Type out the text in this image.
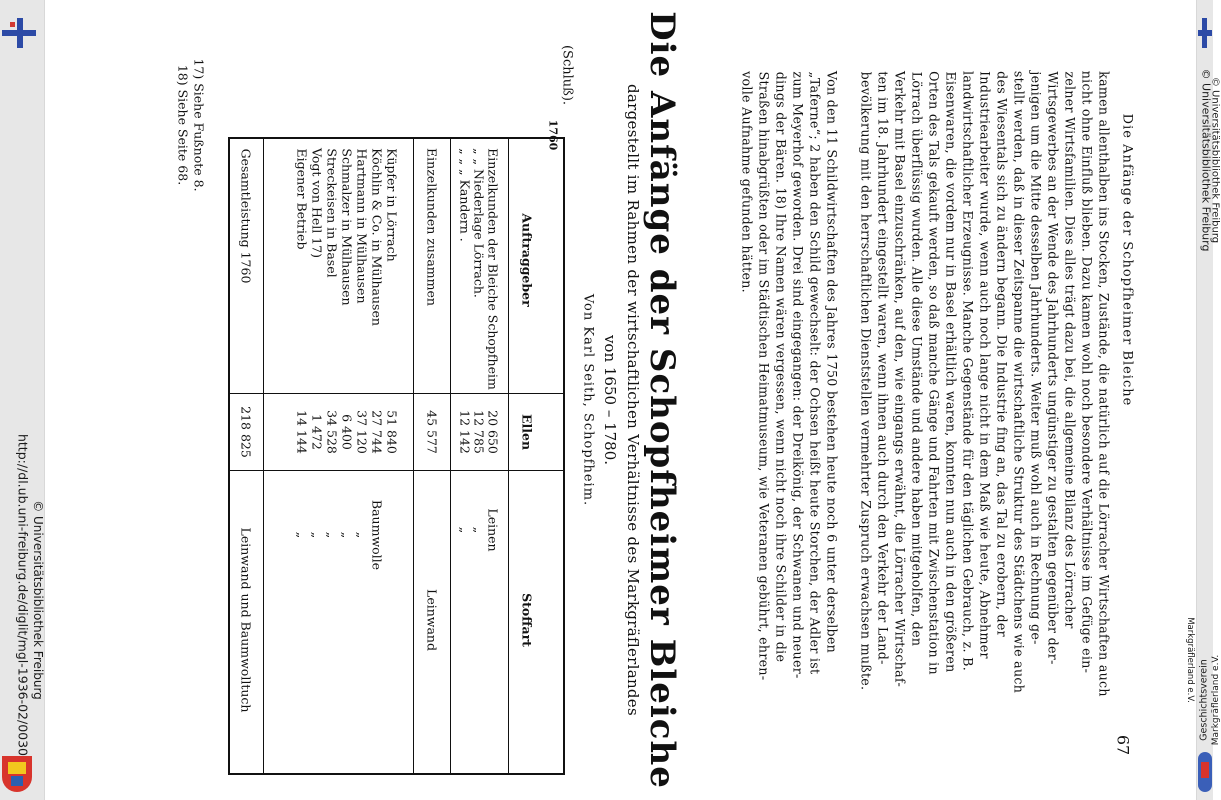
http://dl.ub.uni-freiburg.de/diglit/mgl-1936-02/0030 © Universitätsbibliothek Freiburg
Geschichtsverein Markgräflerland e.V.
© Universitätsbibliothek Freiburg
© Universitätsbibliothek Freiburg
Markgräflerland e.V.
Die Anfänge der Schopfheimer Bleiche
67
kamen allenthalben ins Stocken, Zustände, die natürlich auf die Lörracher Wirtschaften auch
nicht ohne Einfluß blieben. Dazu kamen wohl noch besondere Verhältnisse im Gefüge ein-
zelner Wirtsfamilien. Dies alles trägt dazu bei, die allgemeine Bilanz des Lörracher
Wirtsgewerbes an der Wende des Jahrhunderts ungünstiger zu gestalten gegenüber der-
jenigen um die Mitte desselben Jahrhunderts. Weiter muß wohl auch in Rechnung ge-
stellt werden, daß in dieser Zeitspanne die wirtschaftliche Struktur des Städtchens wie auch
des Wiesentals sich zu ändern begann. Die Industrie fing an, das Tal zu erobern, der
Industriearbeiter wurde, wenn auch noch lange nicht in dem Maß wie heute, Abnehmer
landwirtschaftlicher Erzeugnisse. Manche Gegenstände für den täglichen Gebrauch, z. B.
Eisenwaren, die vordem nur in Basel erhältlich waren, konnten nun auch in den größeren
Orten des Tals gekauft werden, so daß manche Gänge und Fahrten mit Zwischenstation in
Lörrach überflüssig wurden. Alle diese Umstände und andere haben mitgeholfen, den
Verkehr mit Basel einzuschränken, auf den, wie eingangs erwähnt, die Lörracher Wirtschaf-
ten im 18. Jahrhundert eingestellt waren, wenn ihnen auch durch den Verkehr der Land-
bevölkerung mit den herrschaftlichen Dienststellen vermehrter Zuspruch erwachsen mußte.
Von den 11 Schildwirtschaften des Jahres 1750 bestehen heute noch 6 unter derselben
„Taferne“; 2 haben den Schild gewechselt: der Ochsen heißt heute Storchen, der Adler ist
zum Meyerhof geworden. Drei sind eingegangen: der Dreikönig, der Schwanen und neuer-
dings der Bären. 18) Ihre Namen wären vergessen, wenn nicht noch ihre Schilder in die
Straßen hinabgrüßten oder im Städtischen Heimatmuseum, wie Veteranen gebührt, ehren-
volle Aufnahme gefunden hätten.
Die Anfänge der Schopfheimer Bleiche
dargestellt im Rahmen der wirtschaftlichen Verhältnisse des Markgräflerlandes
von 1650 – 1780.
Von Karl Seith, Schopfheim.
(Schluß).
1760
Auftraggeber
Ellen
Stoffart
Einzelkunden der Bleiche Schopfheim
20 650
Leinen
„ „ Niederlage Lörrach.
12 785
„
„ „ „ Kandern .
12 142
„
Einzelkunden zusammen
45 577
Leinwand
Küpfer in Lörrach
51 840
Köchlin & Co. in Mülhausen
27 744
Baumwolle
Hartmann in Mülhausen
37 120
„
Schmalzer in Mülhausen
6 400
„
Streckeisen in Basel
34 528
„
Vogt von Hell 17)
1 472
„
Eigener Betrieb
14 144
„
Gesamtleistung 1760
218 825
Leinwand und Baumwolltuch
17) Siehe Fußnote 8.
18) Siehe Seite 68.
